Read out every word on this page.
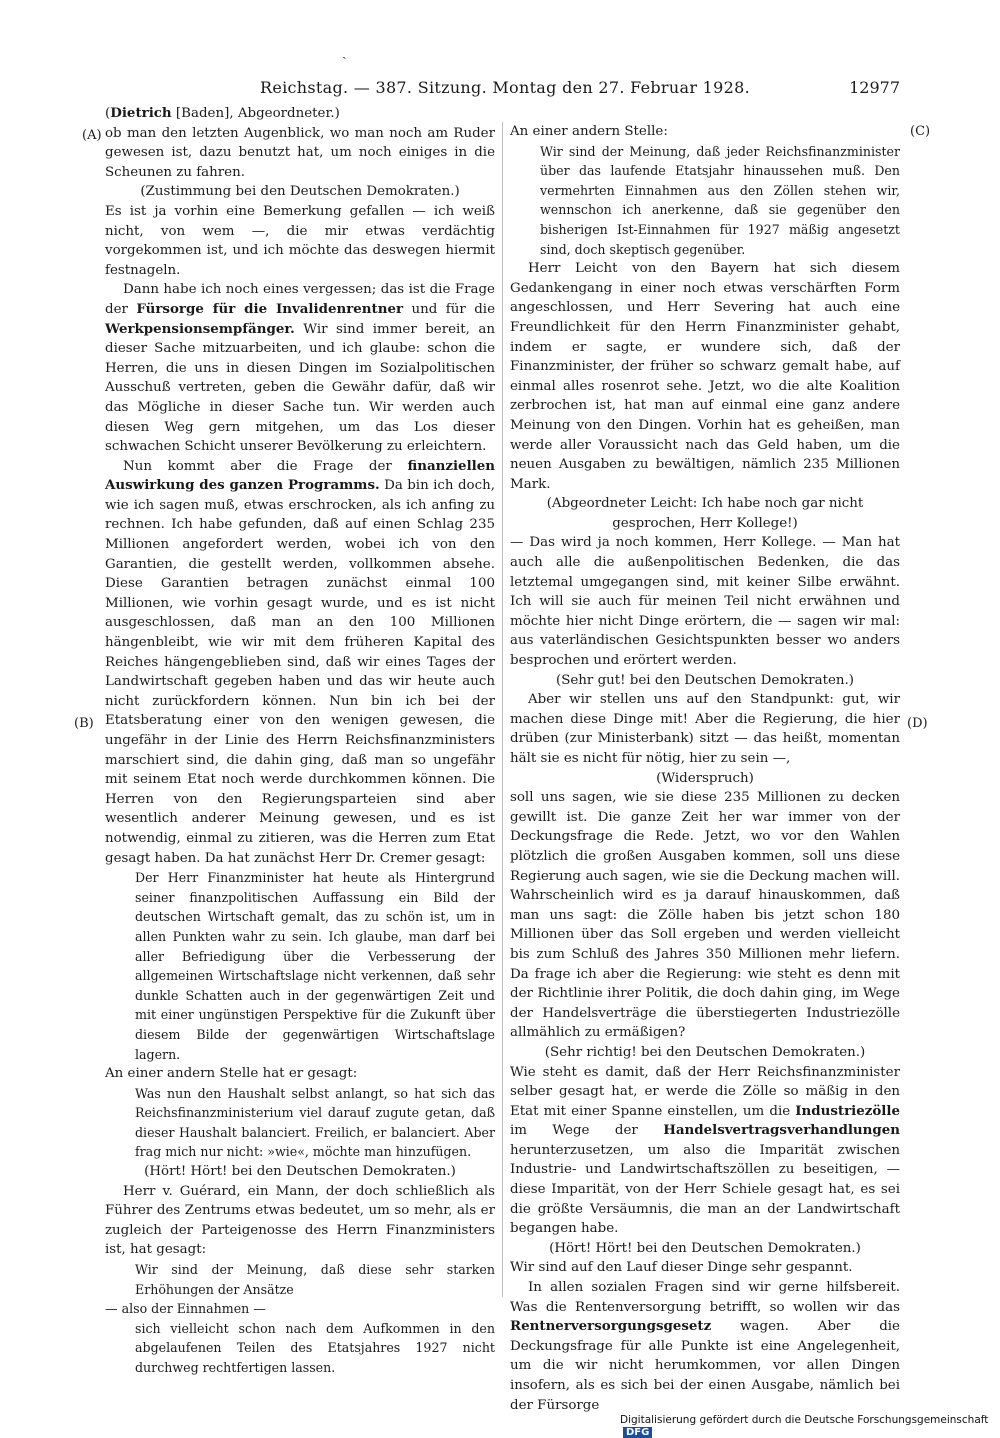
ˎ
Reichstag. — 387. Sitzung. Montag den 27. Februar 1928.	12977
(A)
(B)
(C)
(D)

(Dietrich [Baden], Abgeordneter.)

ob man den letzten Augenblick, wo man noch am Ruder gewesen ist, dazu benutzt hat, um noch einiges in die Scheunen zu fahren.

(Zustimmung bei den Deutschen Demokraten.)

Es ist ja vorhin eine Bemerkung gefallen — ich weiß nicht, von wem —, die mir etwas verdächtig vorgekommen ist, und ich möchte das deswegen hiermit festnageln.

Dann habe ich noch eines vergessen; das ist die Frage der Fürsorge für die Invalidenrentner und für die Werkpensionsempfänger. Wir sind immer bereit, an dieser Sache mitzuarbeiten, und ich glaube: schon die Herren, die uns in diesen Dingen im Sozialpolitischen Ausschuß vertreten, geben die Gewähr dafür, daß wir das Mögliche in dieser Sache tun. Wir werden auch diesen Weg gern mitgehen, um das Los dieser schwachen Schicht unserer Bevölkerung zu erleichtern.

Nun kommt aber die Frage der finanziellen Auswirkung des ganzen Programms. Da bin ich doch, wie ich sagen muß, etwas erschrocken, als ich anfing zu rechnen. Ich habe gefunden, daß auf einen Schlag 235 Millionen angefordert werden, wobei ich von den Garantien, die gestellt werden, vollkommen absehe. Diese Garantien betragen zunächst einmal 100 Millionen, wie vorhin gesagt wurde, und es ist nicht ausgeschlossen, daß man an den 100 Millionen hängenbleibt, wie wir mit dem früheren Kapital des Reiches hängengeblieben sind, daß wir eines Tages der Landwirtschaft gegeben haben und das wir heute auch nicht zurückfordern können. Nun bin ich bei der Etatsberatung einer von den wenigen gewesen, die ungefähr in der Linie des Herrn Reichsfinanzministers marschiert sind, die dahin ging, daß man so ungefähr mit seinem Etat noch werde durchkommen können. Die Herren von den Regierungsparteien sind aber wesentlich anderer Meinung gewesen, und es ist notwendig, einmal zu zitieren, was die Herren zum Etat gesagt haben. Da hat zunächst Herr Dr. Cremer gesagt:

Der Herr Finanzminister hat heute als Hintergrund seiner finanzpolitischen Auffassung ein Bild der deutschen Wirtschaft gemalt, das zu schön ist, um in allen Punkten wahr zu sein. Ich glaube, man darf bei aller Befriedigung über die Verbesserung der allgemeinen Wirtschaftslage nicht verkennen, daß sehr dunkle Schatten auch in der gegenwärtigen Zeit und mit einer ungünstigen Perspektive für die Zukunft über diesem Bilde der gegenwärtigen Wirtschaftslage lagern.

An einer andern Stelle hat er gesagt:

Was nun den Haushalt selbst anlangt, so hat sich das Reichsfinanzministerium viel darauf zugute getan, daß dieser Haushalt balanciert. Freilich, er balanciert. Aber frag mich nur nicht: »wie«, möchte man hinzufügen.

(Hört! Hört! bei den Deutschen Demokraten.)

Herr v. Guérard, ein Mann, der doch schließlich als Führer des Zentrums etwas bedeutet, um so mehr, als er zugleich der Parteigenosse des Herrn Finanzministers ist, hat gesagt:

Wir sind der Meinung, daß diese sehr starken Erhöhungen der Ansätze

— also der Einnahmen —

sich vielleicht schon nach dem Aufkommen in den abgelaufenen Teilen des Etatsjahres 1927 nicht durchweg rechtfertigen lassen.

An einer andern Stelle:

Wir sind der Meinung, daß jeder Reichsfinanzminister über das laufende Etatsjahr hinaussehen muß. Den vermehrten Einnahmen aus den Zöllen stehen wir, wennschon ich anerkenne, daß sie gegenüber den bisherigen Ist-Einnahmen für 1927 mäßig angesetzt sind, doch skeptisch gegenüber.

Herr Leicht von den Bayern hat sich diesem Gedankengang in einer noch etwas verschärften Form angeschlossen, und Herr Severing hat auch eine Freundlichkeit für den Herrn Finanzminister gehabt, indem er sagte, er wundere sich, daß der Finanzminister, der früher so schwarz gemalt habe, auf einmal alles rosenrot sehe. Jetzt, wo die alte Koalition zerbrochen ist, hat man auf einmal eine ganz andere Meinung von den Dingen. Vorhin hat es geheißen, man werde aller Voraussicht nach das Geld haben, um die neuen Ausgaben zu bewältigen, nämlich 235 Millionen Mark.

(Abgeordneter Leicht: Ich habe noch gar nicht gesprochen, Herr Kollege!)

— Das wird ja noch kommen, Herr Kollege. — Man hat auch alle die außenpolitischen Bedenken, die das letztemal umgegangen sind, mit keiner Silbe erwähnt. Ich will sie auch für meinen Teil nicht erwähnen und möchte hier nicht Dinge erörtern, die — sagen wir mal: aus vaterländischen Gesichtspunkten besser wo anders besprochen und erörtert werden.

(Sehr gut! bei den Deutschen Demokraten.)

Aber wir stellen uns auf den Standpunkt: gut, wir machen diese Dinge mit! Aber die Regierung, die hier drüben (zur Ministerbank) sitzt — das heißt, momentan hält sie es nicht für nötig, hier zu sein —,

(Widerspruch)

soll uns sagen, wie sie diese 235 Millionen zu decken gewillt ist. Die ganze Zeit her war immer von der Deckungsfrage die Rede. Jetzt, wo vor den Wahlen plötzlich die großen Ausgaben kommen, soll uns diese Regierung auch sagen, wie sie die Deckung machen will. Wahrscheinlich wird es ja darauf hinauskommen, daß man uns sagt: die Zölle haben bis jetzt schon 180 Millionen über das Soll ergeben und werden vielleicht bis zum Schluß des Jahres 350 Millionen mehr liefern. Da frage ich aber die Regierung: wie steht es denn mit der Richtlinie ihrer Politik, die doch dahin ging, im Wege der Handelsverträge die überstiegerten Industriezölle allmählich zu ermäßigen?

(Sehr richtig! bei den Deutschen Demokraten.)

Wie steht es damit, daß der Herr Reichsfinanzminister selber gesagt hat, er werde die Zölle so mäßig in den Etat mit einer Spanne einstellen, um die Industriezölle im Wege der Handelsvertragsverhandlungen herunterzusetzen, um also die Imparität zwischen Industrie- und Landwirtschaftszöllen zu beseitigen, — diese Imparität, von der Herr Schiele gesagt hat, es sei die größte Versäumnis, die man an der Landwirtschaft begangen habe.

(Hört! Hört! bei den Deutschen Demokraten.)

Wir sind auf den Lauf dieser Dinge sehr gespannt.

In allen sozialen Fragen sind wir gerne hilfsbereit. Was die Rentenversorgung betrifft, so wollen wir das Rentnerversorgungsgesetz wagen. Aber die Deckungsfrage für alle Punkte ist eine Angelegenheit, um die wir nicht herumkommen, vor allen Dingen insofern, als es sich bei der einen Ausgabe, nämlich bei der Fürsorge

Digitalisierung gefördert durch die Deutsche Forschungsgemeinschaft DFG
